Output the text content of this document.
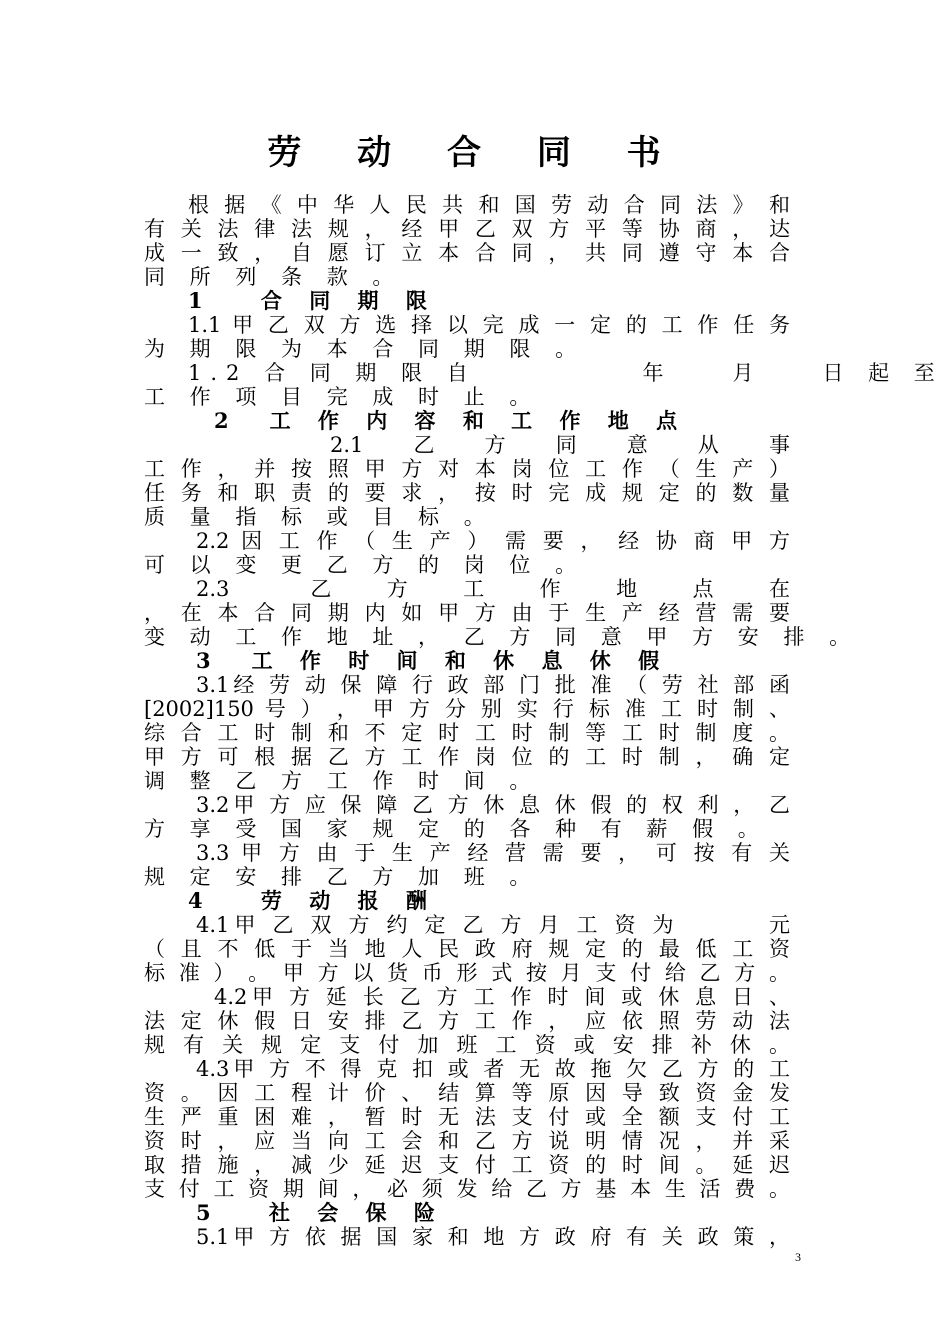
劳 动 合 同 书
根 据 《 中 华 人 民 共 和 国 劳 动 合 同 法 》 和
有 关 法 律 法 规 ， 经 甲 乙 双 方 平 等 协 商 ， 达
成 一 致 ， 自 愿 订 立 本 合 同 ， 共 同 遵 守 本 合
同 所 列 条 款 。
1　 合 同 期 限
1.1 甲 乙 双 方 选 择 以 完 成 一 定 的 工 作 任 务
为 期 限 为 本 合 同 期 限 。
1.2 合 同 期 限 自　　　　　 年　　月　　日 起 至
工 作 项 目 完 成 时 止 。
2　工 作 内 容 和 工 作 地 点
2.1　　乙　　方　　同　　意　　从　　事
工 作 ， 并 按 照 甲 方 对 本 岗 位 工 作 （ 生 产 ）
任 务 和 职 责 的 要 求 ， 按 时 完 成 规 定 的 数 量
质 量 指 标 或 目 标 。
2.2 因 工 作 （ 生 产 ） 需 要 ， 经 协 商 甲 方
可 以 变 更 乙 方 的 岗 位 。
2.3　　　乙　　方　　工　　作　　地　　点　　在
， 在 本 合 同 期 内 如 甲 方 由 于 生 产 经 营 需 要
变 动 工 作 地 址 ， 乙 方 同 意 甲 方 安 排 。
3　工 作 时 间 和 休 息 休 假
3.1经 劳 动 保 障 行 政 部 门 批 准 （ 劳 社 部 函
[2002]150 号 ） ， 甲 方 分 别 实 行 标 准 工 时 制 、
综 合 工 时 制 和 不 定 时 工 时 制 等 工 时 制 度 。
甲 方 可 根 据 乙 方 工 作 岗 位 的 工 时 制 ， 确 定
调 整 乙 方 工 作 时 间 。
3.2甲 方 应 保 障 乙 方 休 息 休 假 的 权 利 ， 乙
方 享 受 国 家 规 定 的 各 种 有 薪 假 。
3.3 甲 方 由 于 生 产 经 营 需 要 ， 可 按 有 关
规 定 安 排 乙 方 加 班 。
4　 劳 动 报 酬
4.1甲 乙 双 方 约 定 乙 方 月 工 资 为　　　 元
（ 且 不 低 于 当 地 人 民 政 府 规 定 的 最 低 工 资
标 准 ） 。 甲 方 以 货 币 形 式 按 月 支 付 给 乙 方 。
4.2甲 方 延 长 乙 方 工 作 时 间 或 休 息 日 、
法 定 休 假 日 安 排 乙 方 工 作 ， 应 依 照 劳 动 法
规 有 关 规 定 支 付 加 班 工 资 或 安 排 补 休 。
4.3甲 方 不 得 克 扣 或 者 无 故 拖 欠 乙 方 的 工
资 。 因 工 程 计 价 、 结 算 等 原 因 导 致 资 金 发
生 严 重 困 难 ， 暂 时 无 法 支 付 或 全 额 支 付 工
资 时 ， 应 当 向 工 会 和 乙 方 说 明 情 况 ， 并 采
取 措 施 ， 减 少 延 迟 支 付 工 资 的 时 间 。 延 迟
支 付 工 资 期 间 ， 必 须 发 给 乙 方 基 本 生 活 费 。
5　 社 会 保 险
5.1甲 方 依 据 国 家 和 地 方 政 府 有 关 政 策 ，
3
